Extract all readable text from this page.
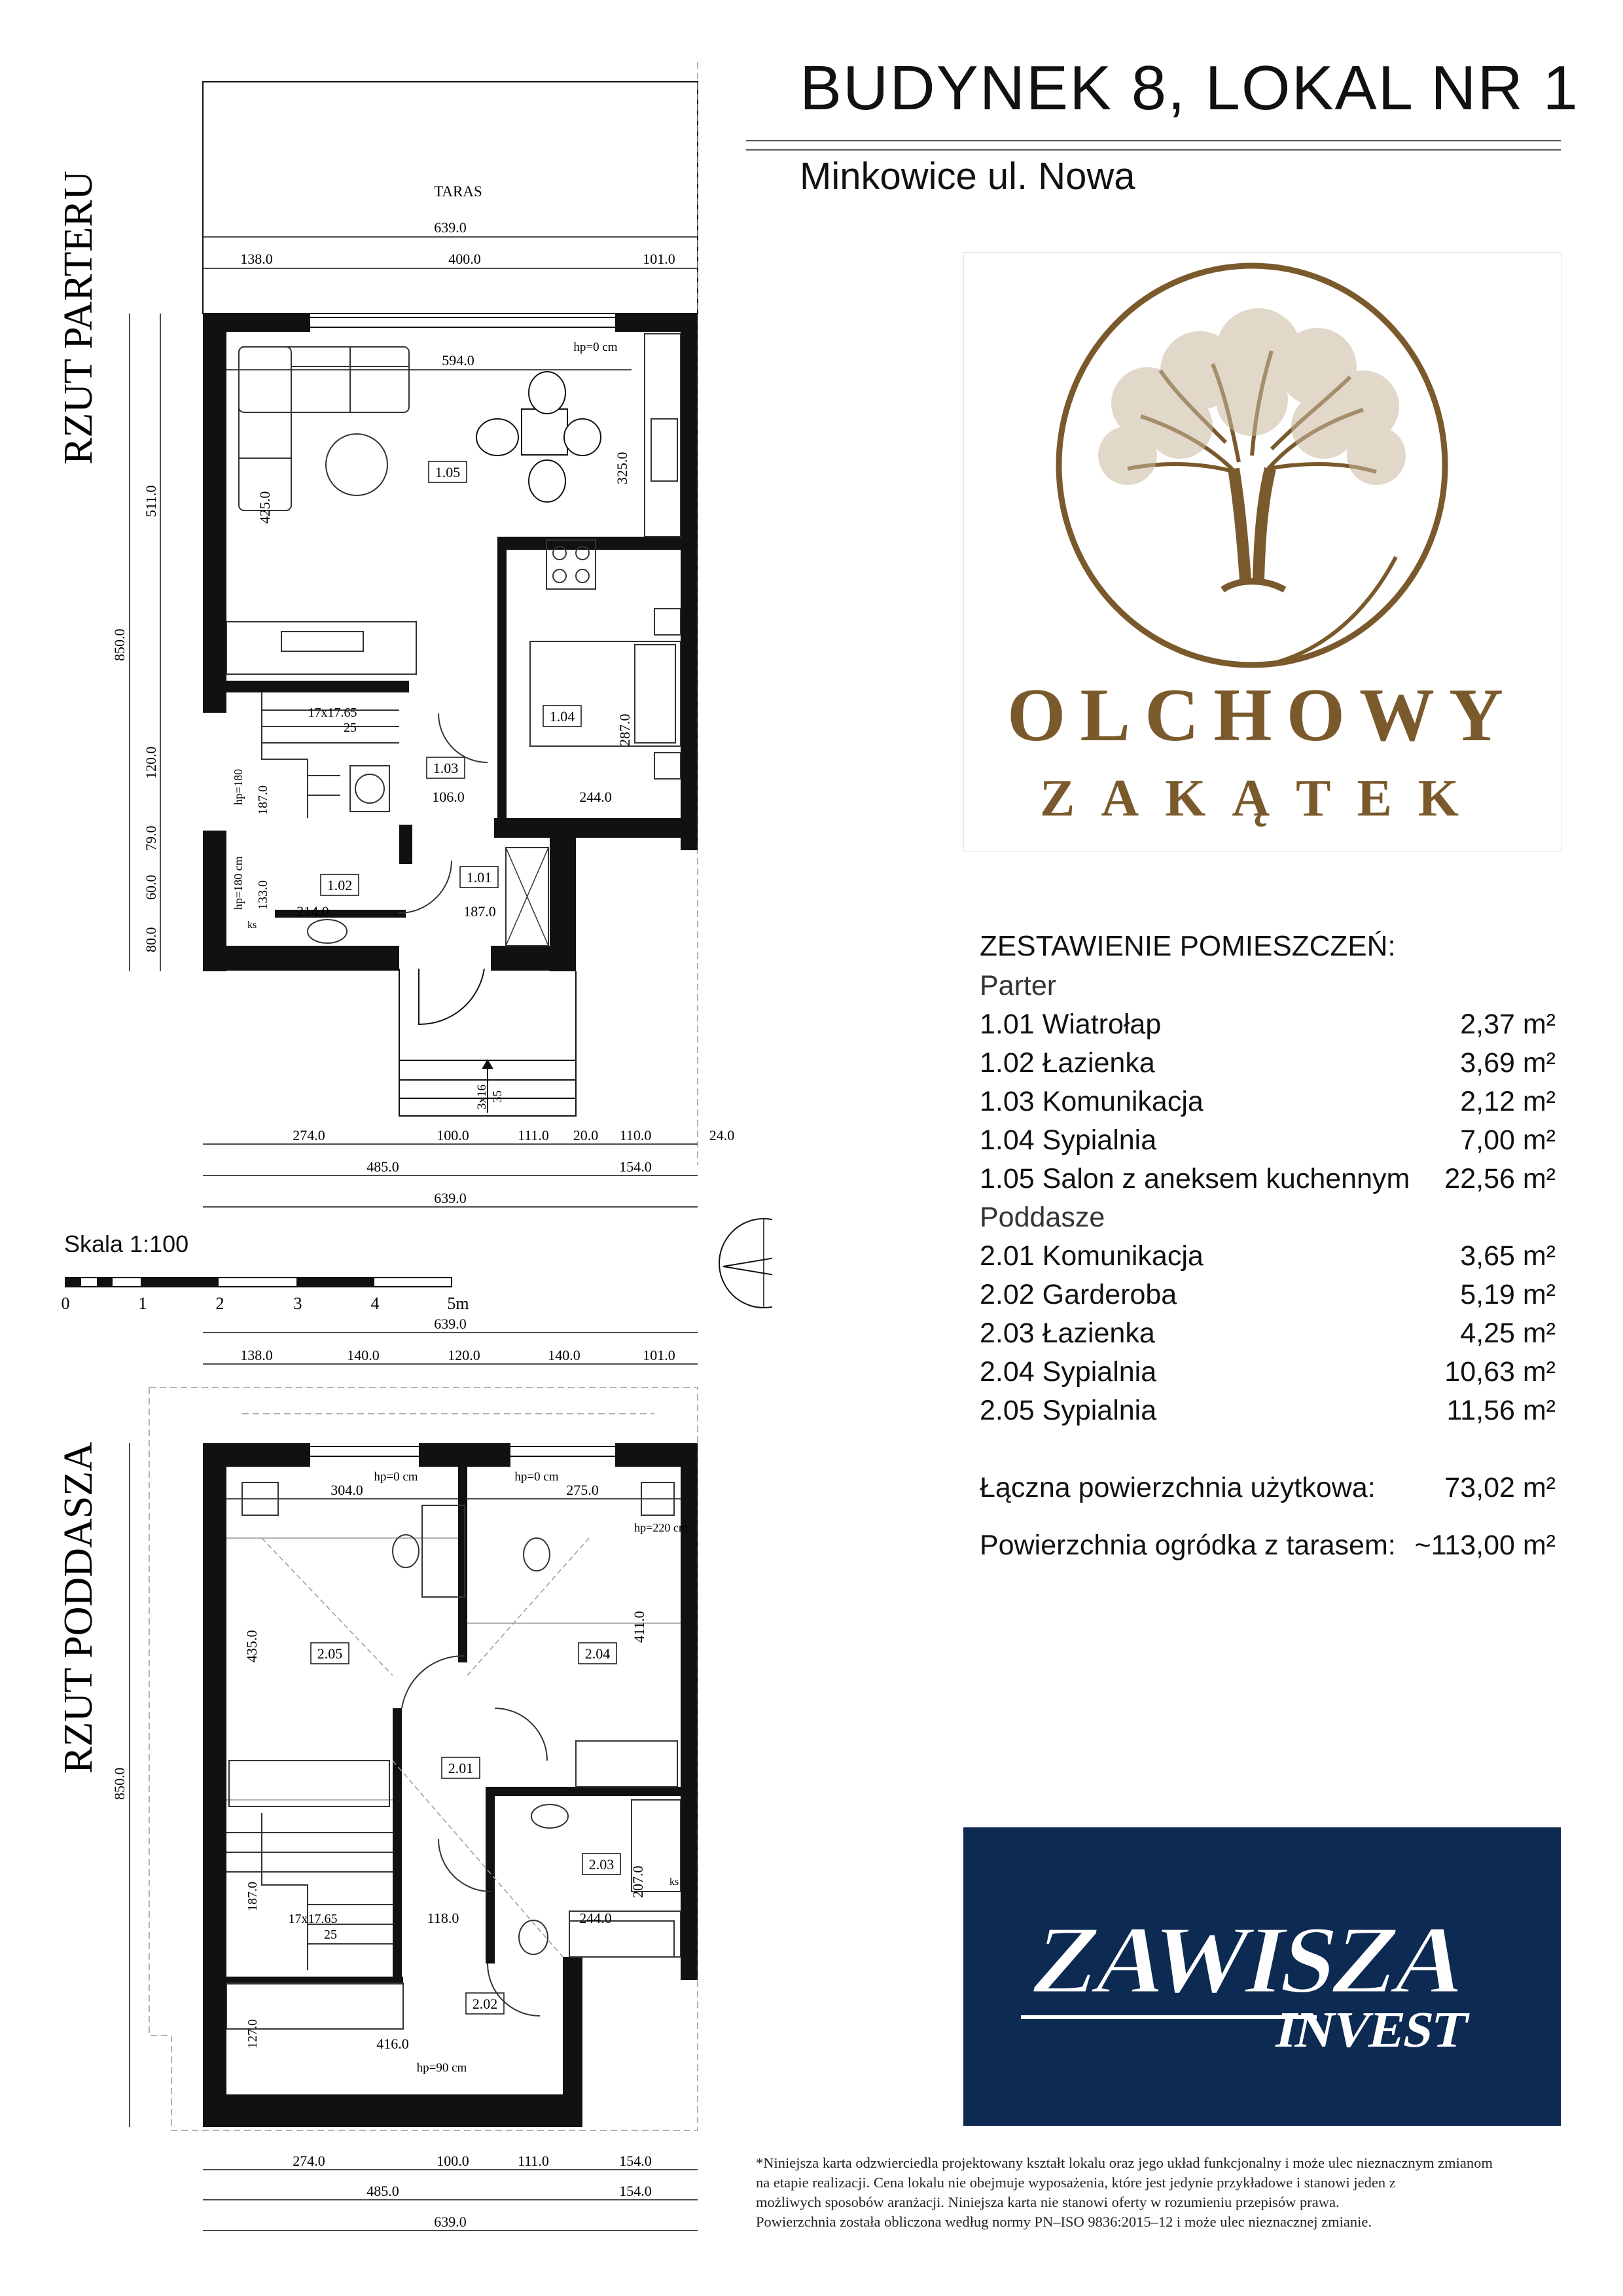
BUDYNEK 8, LOKAL NR 1
Minkowice ul. Nowa
OLCHOWY
ZAKĄTEK
ZESTAWIENIE POMIESZCZEŃ:
Parter
1.01 Wiatrołap	2,37 m²
1.02 Łazienka	3,69 m²
1.03 Komunikacja	2,12 m²
1.04 Sypialnia	7,00 m²
1.05 Salon z aneksem kuchennym 22,56 m²
Poddasze
2.01 Komunikacja	3,65 m²
2.02 Garderoba	5,19 m²
2.03 Łazienka	4,25 m²
2.04 Sypialnia	10,63 m²
2.05 Sypialnia	11,56 m²
Łączna powierzchnia użytkowa: 73,02 m²
Powierzchnia ogródka z tarasem: ~113,00 m²
ZAWISZA
INVEST
*Niniejsza karta odzwierciedla projektowany kształt lokalu oraz jego układ funkcjonalny i może ulec nieznacznym zmianom
na etapie realizacji. Cena lokalu nie obejmuje wyposażenia, które jest jedynie przykładowe i stanowi jeden z
możliwych sposobów aranżacji. Niniejsza karta nie stanowi oferty w rozumieniu przepisów prawa.
Powierzchnia została obliczona według normy PN–ISO 9836:2015–12 i może ulec nieznacznej zmianie.
Skala 1:100
0	1	2	3	4	5m
RZUT PARTERU	TARAS
639.0
138.0	400.0	101.0
594.0
hp=0 cm
1.05	325.0
425.0
850.0
511.0
120.0
79.0
60.0
80.0
17x17.65
25
187.0
hp=180
1.04	287.0
1.03
106.0	244.0
1.02
133.0
hp=180 cm
214.0	187.0
ks
1.01
3x16 35
274.0	100.0	111.0 20.0 110.0	24.0
485.0	154.0
639.0
RZUT PODDASZA
639.0
138.0	140.0	120.0	140.0	101.0
hp=0 cm	hp=0 cm
304.0	275.0
hp=220 cm
435.0
411.0
2.05	2.04
2.01
2.03
2.02
187.0
17x17.65
25
118.0	244.0
207.0 ks
127.0	416.0
hp=90 cm
850.0
274.0	100.0	111.0	154.0
485.0	154.0
639.0
